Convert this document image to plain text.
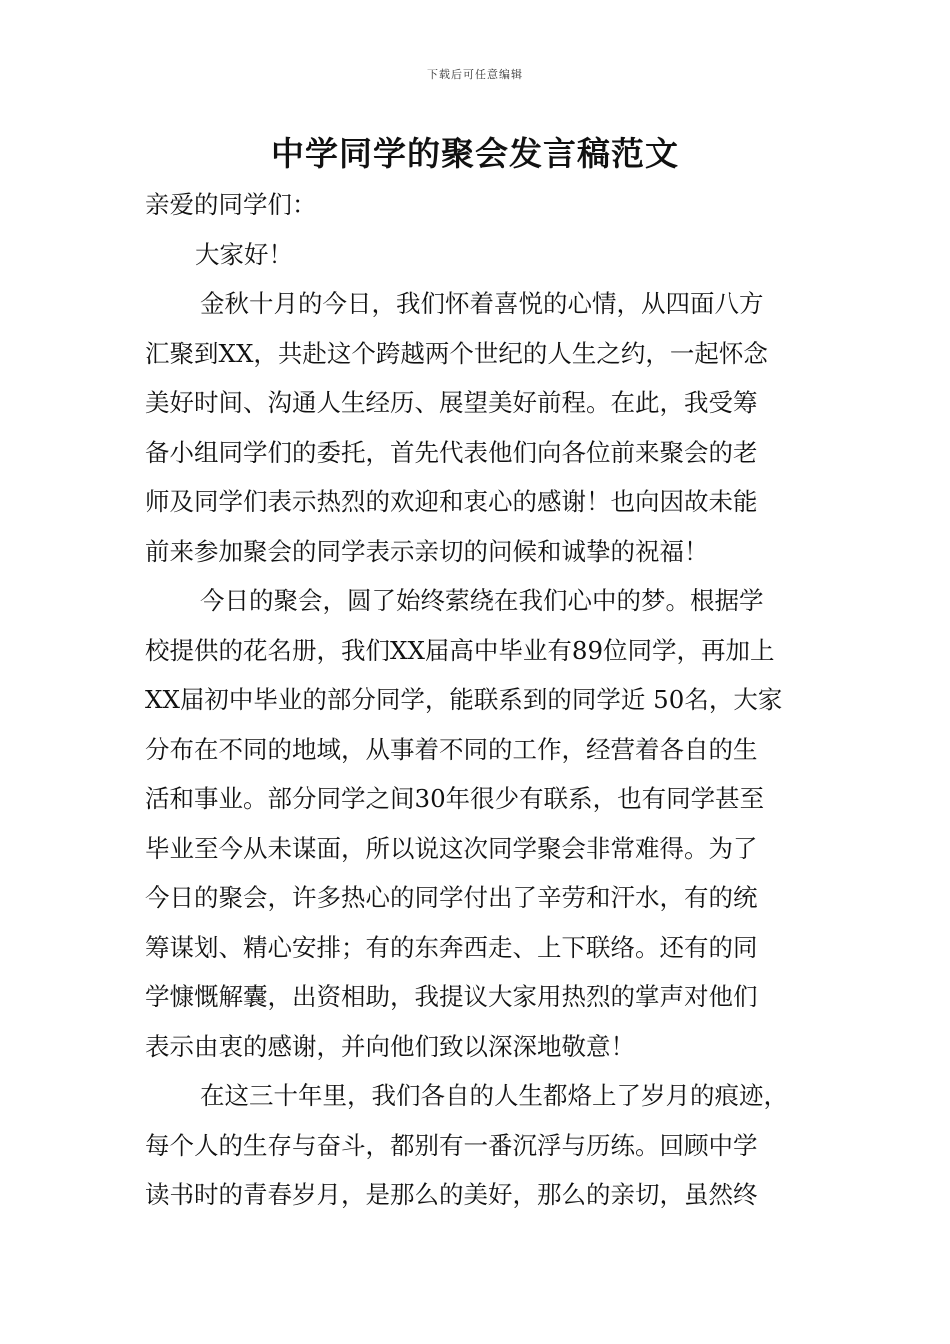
下载后可任意编辑
中学同学的聚会发言稿范文
亲爱的同学们：
大家好！
金秋十月的今日，我们怀着喜悦的心情，从四面八方
汇聚到XX，共赴这个跨越两个世纪的人生之约，一起怀念
美好时间、沟通人生经历、展望美好前程。在此，我受筹
备小组同学们的委托，首先代表他们向各位前来聚会的老
师及同学们表示热烈的欢迎和衷心的感谢！也向因故未能
前来参加聚会的同学表示亲切的问候和诚挚的祝福！
今日的聚会，圆了始终萦绕在我们心中的梦。根据学
校提供的花名册，我们XX届高中毕业有89位同学，再加上
XX届初中毕业的部分同学，能联系到的同学近 50名，大家
分布在不同的地域，从事着不同的工作，经营着各自的生
活和事业。部分同学之间30年很少有联系，也有同学甚至
毕业至今从未谋面，所以说这次同学聚会非常难得。为了
今日的聚会，许多热心的同学付出了辛劳和汗水，有的统
筹谋划、精心安排；有的东奔西走、上下联络。还有的同
学慷慨解囊，出资相助，我提议大家用热烈的掌声对他们
表示由衷的感谢，并向他们致以深深地敬意！
在这三十年里，我们各自的人生都烙上了岁月的痕迹，
每个人的生存与奋斗，都别有一番沉浮与历练。回顾中学
读书时的青春岁月，是那么的美好，那么的亲切，虽然终
